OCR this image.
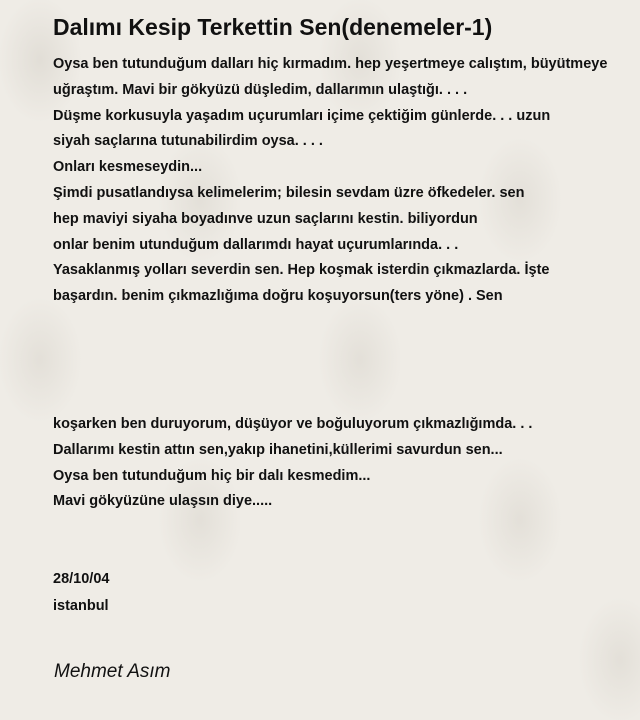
Dalımı Kesip Terkettin Sen(denemeler-1)
Oysa ben tutunduğum dalları hiç kırmadım. hep yeşertmeye calıştım, büyütmeye
uğraştım. Mavi bir gökyüzü düşledim, dallarımın ulaştığı. . . .
Düşme korkusuyla yaşadım uçurumları içime çektiğim günlerde. . . uzun
siyah saçlarına tutunabilirdim oysa. . . .
Onları kesmeseydin...
Şimdi pusatlandıysa kelimelerim; bilesin sevdam üzre öfkedeler. sen
hep maviyi siyaha boyadınve uzun saçlarını kestin. biliyordun
onlar benim utunduğum dallarımdı hayat uçurumlarında. . .
Yasaklanmış yolları severdin sen. Hep koşmak isterdin çıkmazlarda. İşte
başardın. benim çıkmazlığıma doğru koşuyorsun(ters yöne) . Sen
koşarken ben duruyorum, düşüyor ve boğuluyorum çıkmazlığımda. . .
Dallarımı kestin attın sen,yakıp ihanetini,küllerimi savurdun sen...
Oysa ben tutunduğum hiç bir dalı kesmedim...
Mavi gökyüzüne ulaşsın diye.....
28/10/04
istanbul
Mehmet Asım
